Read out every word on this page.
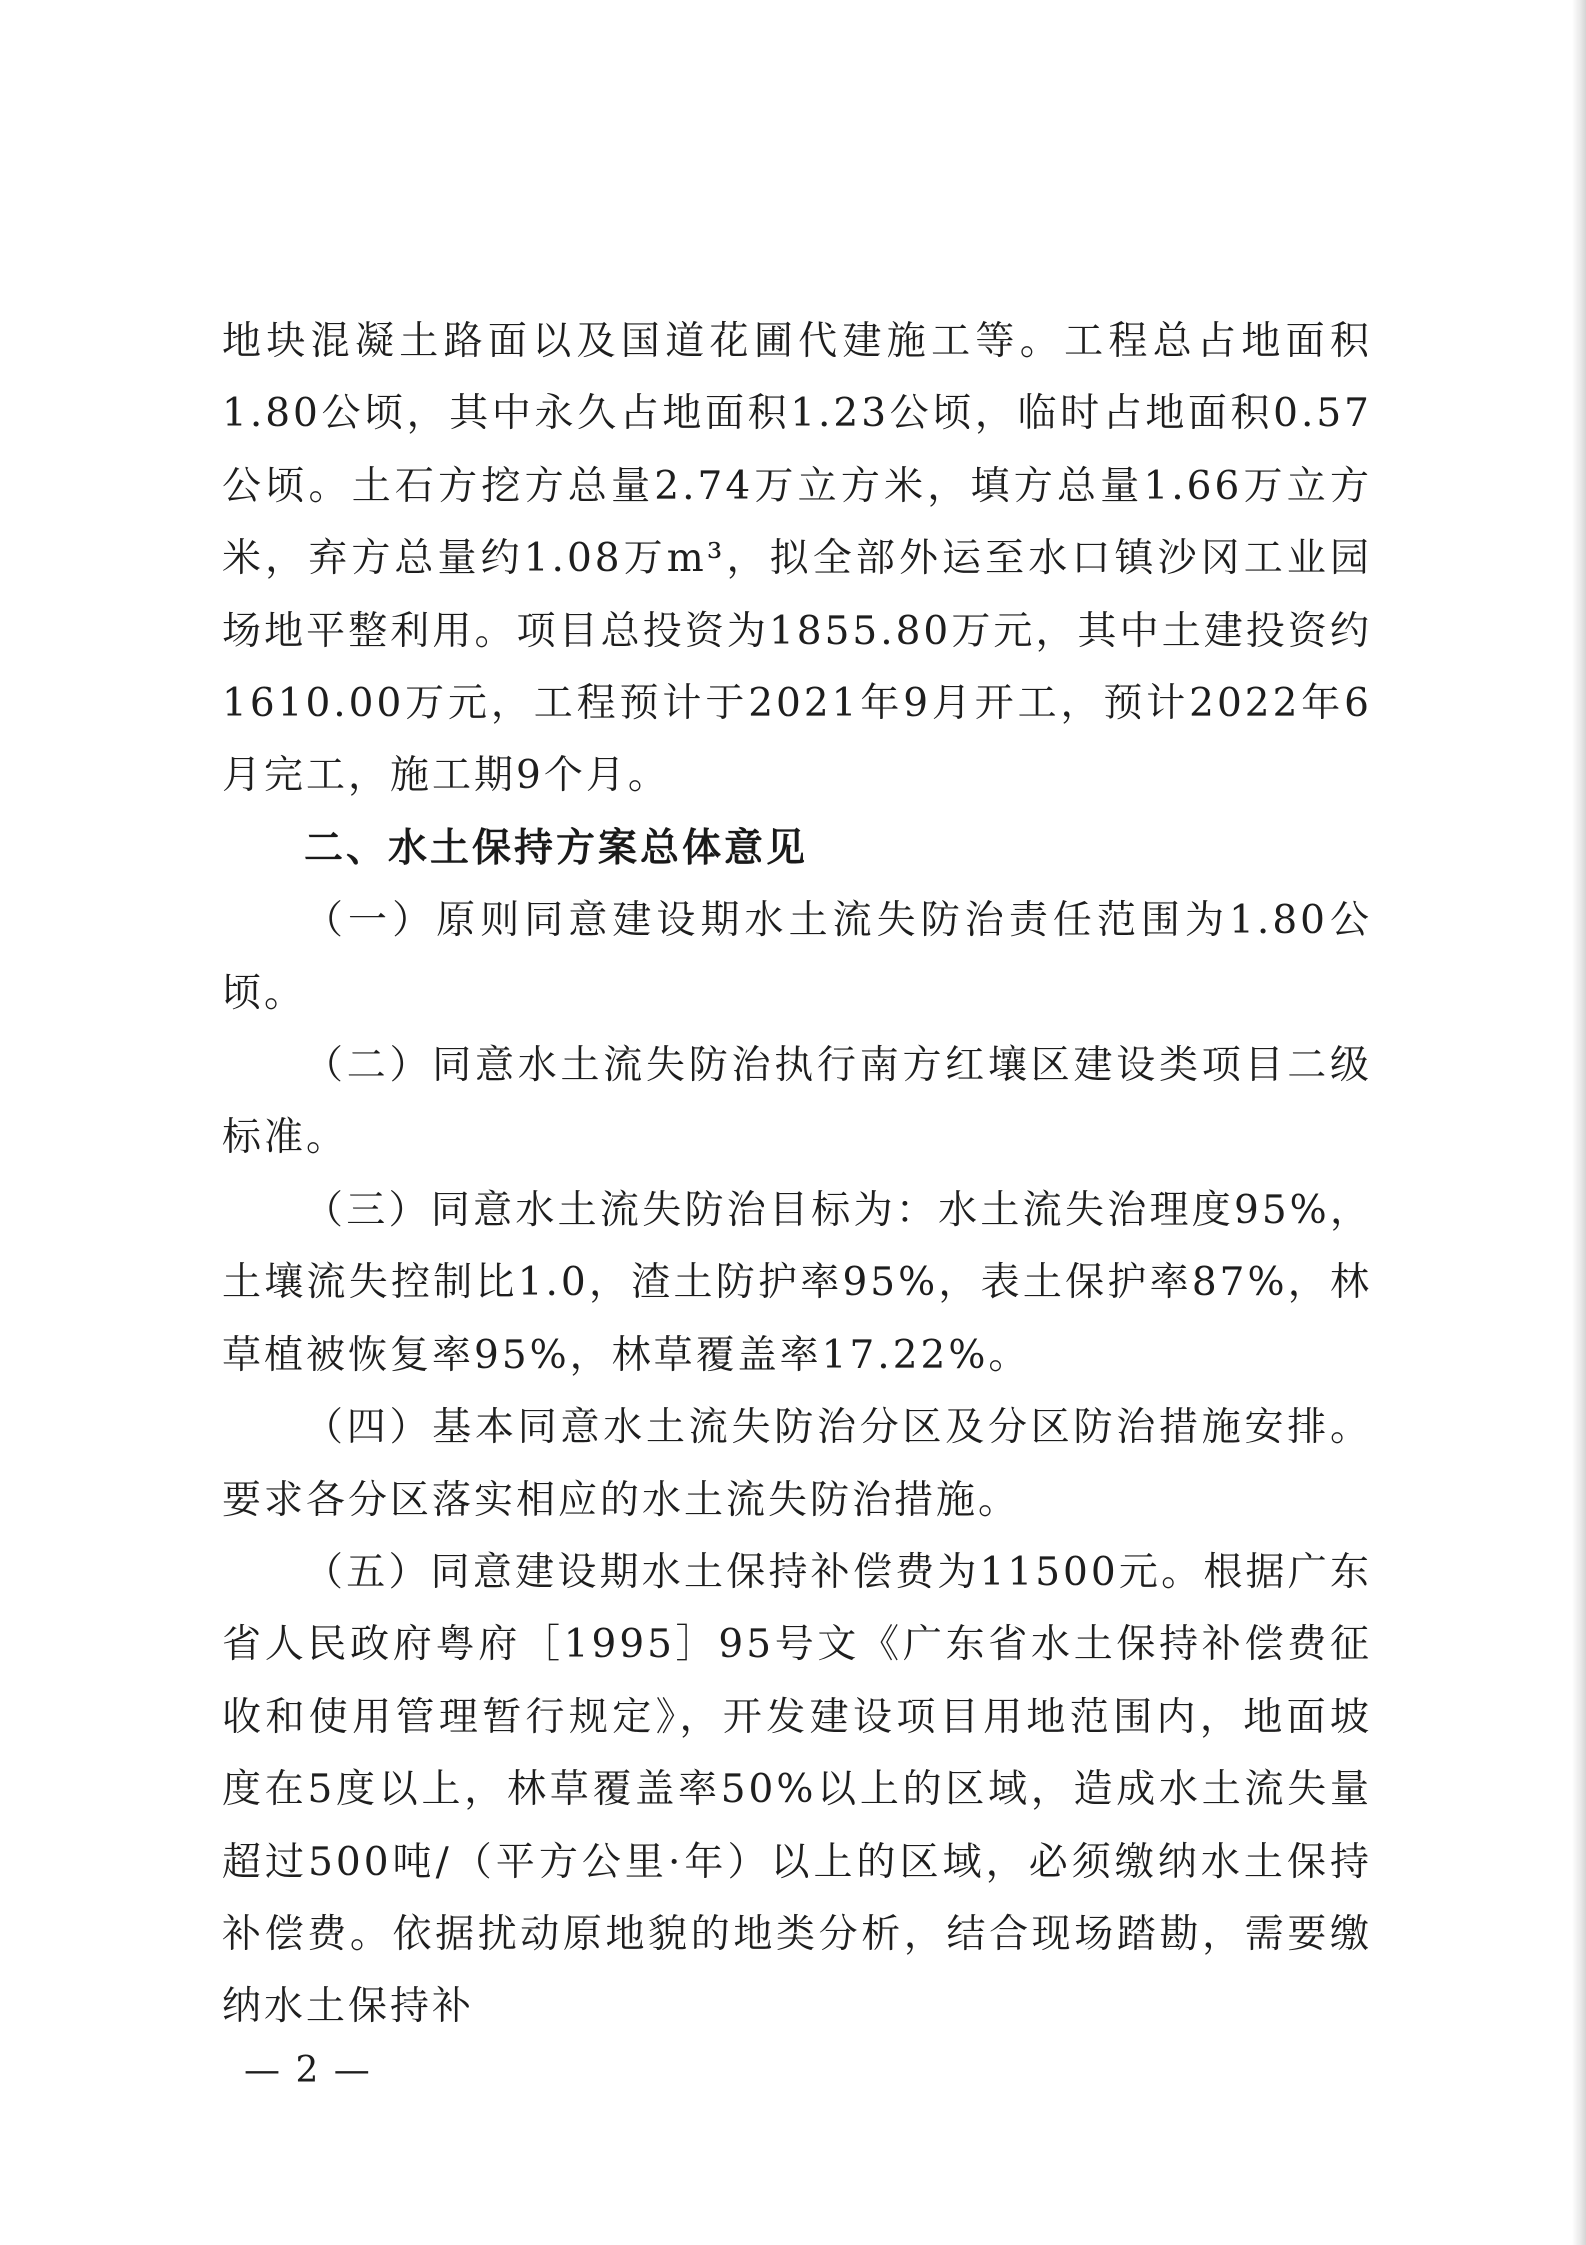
地块混凝土路面以及国道花圃代建施工等。工程总占地面积1.80公顷，其中永久占地面积1.23公顷，临时占地面积0.57公顷。土石方挖方总量2.74万立方米，填方总量1.66万立方米，弃方总量约1.08万m³，拟全部外运至水口镇沙冈工业园场地平整利用。项目总投资为1855.80万元，其中土建投资约1610.00万元，工程预计于2021年9月开工，预计2022年6月完工，施工期9个月。

二、水土保持方案总体意见

（一）原则同意建设期水土流失防治责任范围为1.80公顷。

（二）同意水土流失防治执行南方红壤区建设类项目二级标准。

（三）同意水土流失防治目标为：水土流失治理度95%，土壤流失控制比1.0，渣土防护率95%，表土保护率87%，林草植被恢复率95%，林草覆盖率17.22%。

（四）基本同意水土流失防治分区及分区防治措施安排。要求各分区落实相应的水土流失防治措施。

（五）同意建设期水土保持补偿费为11500元。根据广东省人民政府粤府［1995］95号文《广东省水土保持补偿费征收和使用管理暂行规定》，开发建设项目用地范围内，地面坡度在5度以上，林草覆盖率50%以上的区域，造成水土流失量超过500吨/（平方公里·年）以上的区域，必须缴纳水土保持补偿费。依据扰动原地貌的地类分析，结合现场踏勘，需要缴纳水土保持补

— 2 —
